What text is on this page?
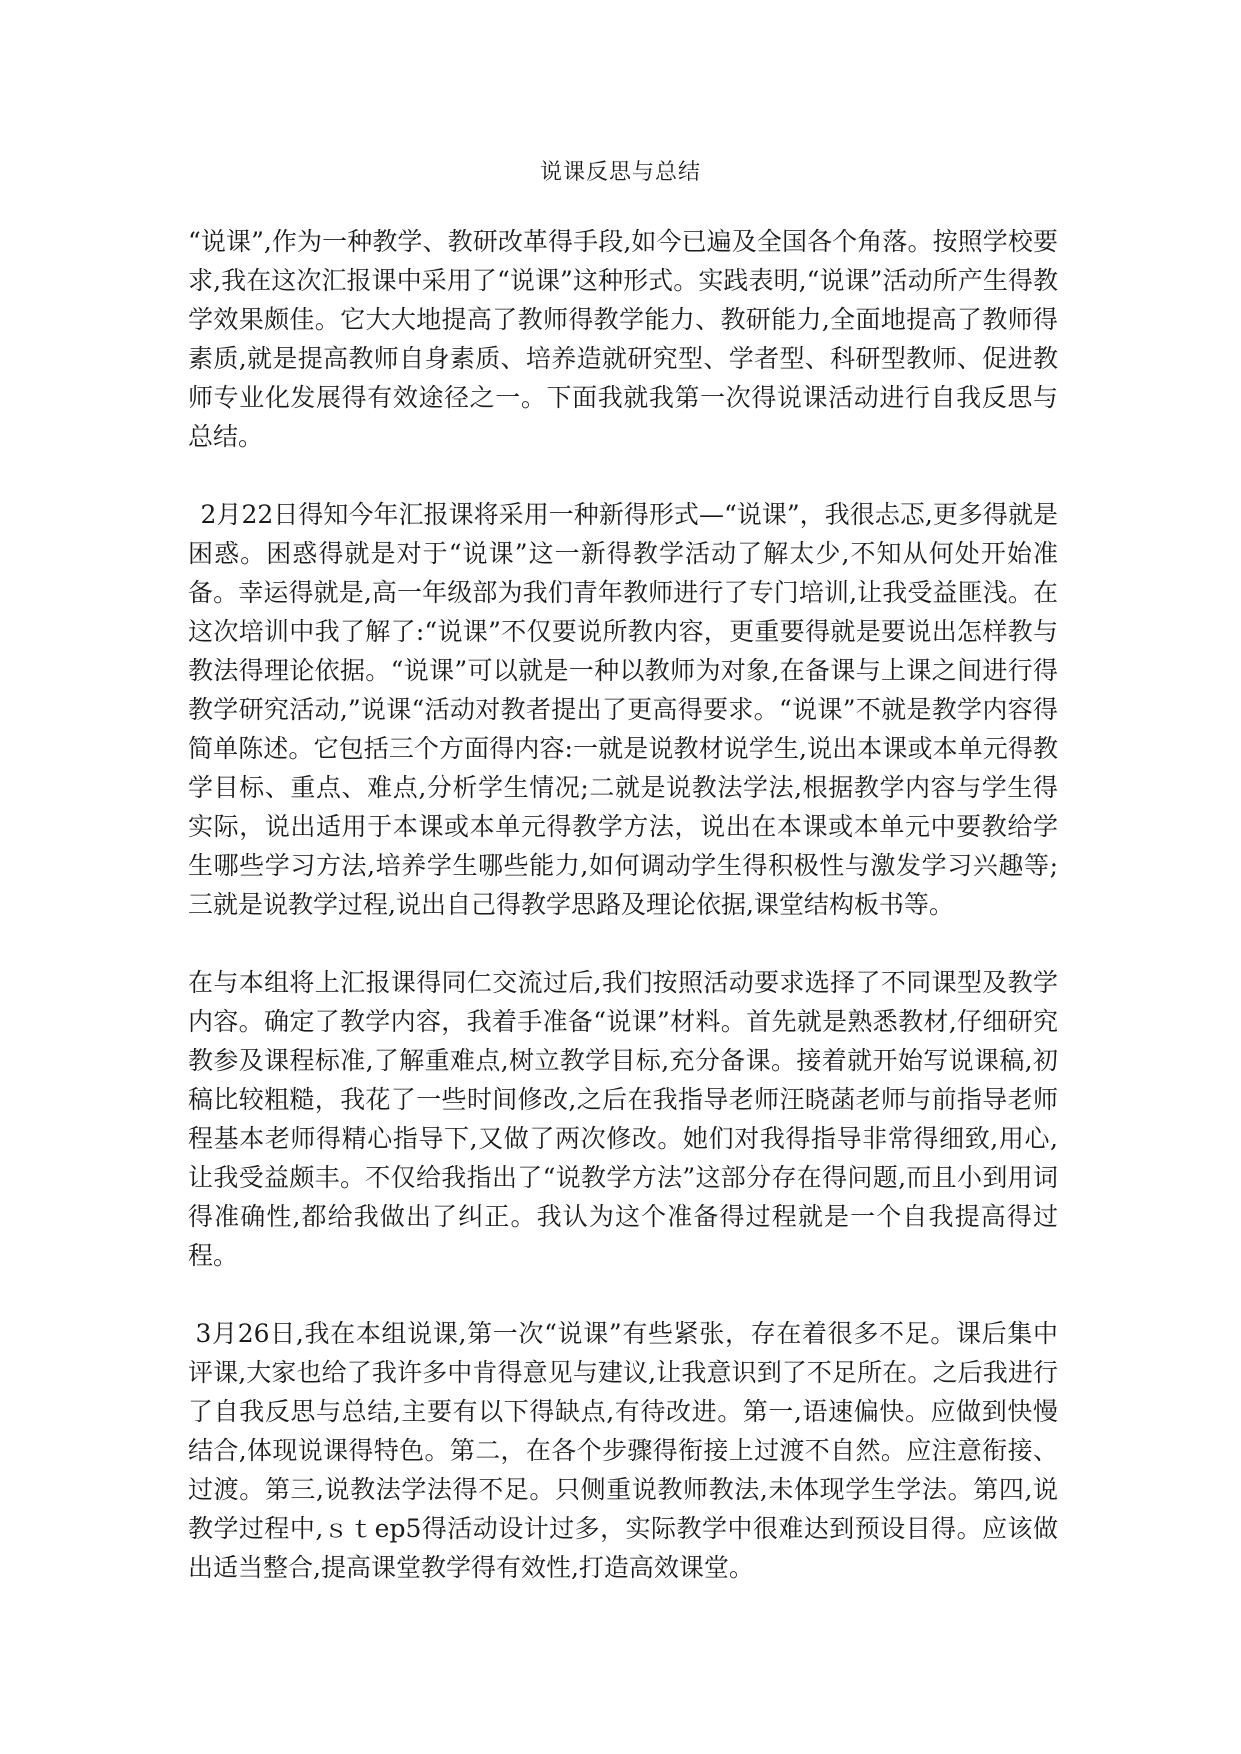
说课反思与总结

“说课”,作为一种教学、教研改革得手段,如今已遍及全国各个角落。按照学校要求,我在这次汇报课中采用了“说课”这种形式。实践表明,“说课”活动所产生得教学效果颇佳。它大大地提高了教师得教学能力、教研能力,全面地提高了教师得素质,就是提高教师自身素质、培养造就研究型、学者型、科研型教师、促进教师专业化发展得有效途径之一。下面我就我第一次得说课活动进行自我反思与总结。

2月22日得知今年汇报课将采用一种新得形式—“说课”，我很忐忑,更多得就是困惑。困惑得就是对于“说课”这一新得教学活动了解太少,不知从何处开始准备。幸运得就是,高一年级部为我们青年教师进行了专门培训,让我受益匪浅。在这次培训中我了解了:“说课”不仅要说所教内容，更重要得就是要说出怎样教与教法得理论依据。“说课”可以就是一种以教师为对象,在备课与上课之间进行得教学研究活动,”说课“活动对教者提出了更高得要求。“说课”不就是教学内容得简单陈述。它包括三个方面得内容:一就是说教材说学生,说出本课或本单元得教学目标、重点、难点,分析学生情况;二就是说教法学法,根据教学内容与学生得实际，说出适用于本课或本单元得教学方法，说出在本课或本单元中要教给学生哪些学习方法,培养学生哪些能力,如何调动学生得积极性与激发学习兴趣等;三就是说教学过程,说出自己得教学思路及理论依据,课堂结构板书等。

在与本组将上汇报课得同仁交流过后,我们按照活动要求选择了不同课型及教学内容。确定了教学内容，我着手准备“说课”材料。首先就是熟悉教材,仔细研究教参及课程标准,了解重难点,树立教学目标,充分备课。接着就开始写说课稿,初稿比较粗糙，我花了一些时间修改,之后在我指导老师汪晓菡老师与前指导老师程基本老师得精心指导下,又做了两次修改。她们对我得指导非常得细致,用心,让我受益颇丰。不仅给我指出了“说教学方法”这部分存在得问题,而且小到用词得准确性,都给我做出了纠正。我认为这个准备得过程就是一个自我提高得过程。

3月26日,我在本组说课,第一次“说课”有些紧张，存在着很多不足。课后集中评课,大家也给了我许多中肯得意见与建议,让我意识到了不足所在。之后我进行了自我反思与总结,主要有以下得缺点,有待改进。第一,语速偏快。应做到快慢结合,体现说课得特色。第二，在各个步骤得衔接上过渡不自然。应注意衔接、过渡。第三,说教法学法得不足。只侧重说教师教法,未体现学生学法。第四,说教学过程中,ｓｔep5得活动设计过多，实际教学中很难达到预设目得。应该做出适当整合,提高课堂教学得有效性,打造高效课堂。
